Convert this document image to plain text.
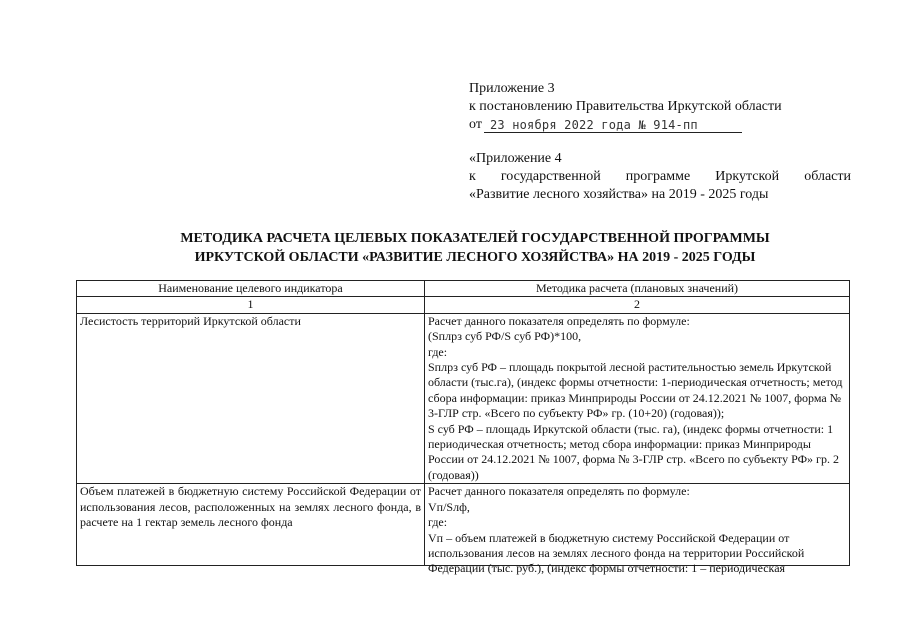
Приложение 3
к постановлению Правительства Иркутской области
от 23 ноября 2022 года № 914-пп
«Приложение 4
к государственной программе Иркутской области
«Развитие лесного хозяйства» на 2019 - 2025 годы
МЕТОДИКА РАСЧЕТА ЦЕЛЕВЫХ ПОКАЗАТЕЛЕЙ ГОСУДАРСТВЕННОЙ ПРОГРАММЫ
ИРКУТСКОЙ ОБЛАСТИ «РАЗВИТИЕ ЛЕСНОГО ХОЗЯЙСТВА» НА 2019 - 2025 ГОДЫ
Наименование целевого индикатора	Методика расчета (плановых значений)
1	2
Лесистость территорий Иркутской области	Расчет данного показателя определять по формуле:
(Sпл​рз суб РФ/S суб РФ)*100,
где:
Sплрз суб РФ – площадь покрытой лесной растительностью земель Иркутской области (тыс.га), (индекс формы отчетности: 1-периодическая отчетность; метод сбора информации: приказ Минприроды России от 24.12.2021 № 1007, форма № 3-ГЛР стр. «Всего по субъекту РФ» гр. (10+20) (годовая));
S суб РФ – площадь Иркутской области (тыс. га), (индекс формы отчетности: 1 периодическая отчетность; метод сбора информации: приказ Минприроды России от 24.12.2021 № 1007, форма № 3-ГЛР стр. «Всего по субъекту РФ» гр. 2 (годовая))

Объем платежей в бюджетную систему Российской Федерации от использования лесов, расположенных на землях лесного фонда, в расчете на 1 гектар земель лесного фонда	Расчет данного показателя определять по формуле:
Vп/Sлф,
где:
Vп – объем платежей в бюджетную систему Российской Федерации от использования лесов на землях лесного фонда на территории Российской Федерации (тыс. руб.), (индекс формы отчетности: 1 – периодическая
